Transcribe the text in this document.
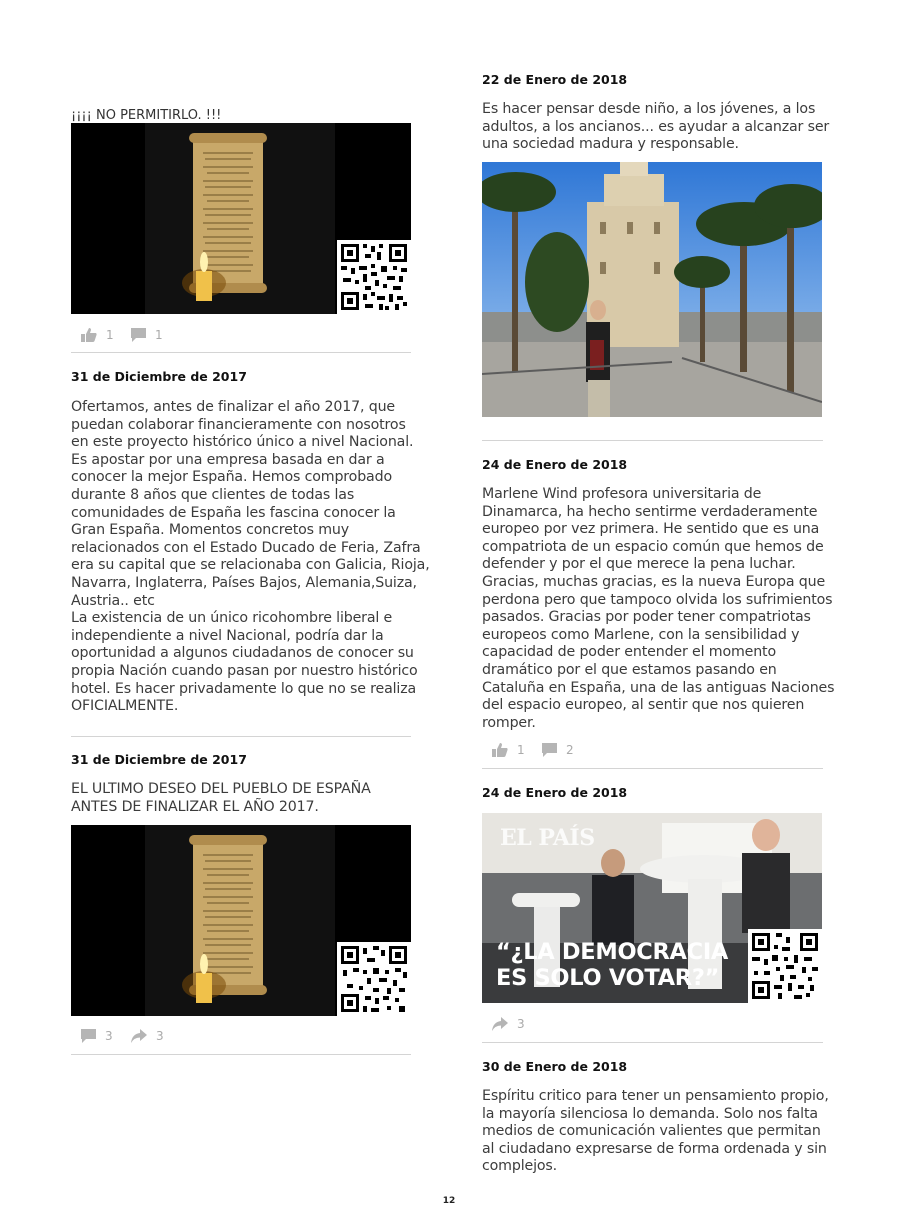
¡¡¡¡ NO PERMITIRLO. !!!
1	1
31 de Diciembre de 2017
Ofertamos, antes de finalizar el año 2017, que
puedan colaborar financieramente con nosotros
en este proyecto histórico único a nivel Nacional.
Es apostar por una empresa basada en dar a
conocer la mejor España. Hemos comprobado
durante 8 años que clientes de todas las
comunidades de España les fascina conocer la
Gran España. Momentos concretos muy
relacionados con el Estado Ducado de Feria, Zafra
era su capital que se relacionaba con Galicia, Rioja,
Navarra, Inglaterra, Países Bajos, Alemania,Suiza,
Austria.. etc
La existencia de un único ricohombre liberal e
independiente a nivel Nacional, podría dar la
oportunidad a algunos ciudadanos de conocer su
propia Nación cuando pasan por nuestro histórico
hotel. Es hacer privadamente lo que no se realiza
OFICIALMENTE.
31 de Diciembre de 2017
EL ULTIMO DESEO DEL PUEBLO DE ESPAÑA
ANTES DE FINALIZAR EL AÑO 2017.
3	3
22 de Enero de 2018
Es hacer pensar desde niño, a los jóvenes, a los
adultos, a los ancianos... es ayudar a alcanzar ser
una sociedad madura y responsable.
24 de Enero de 2018
Marlene Wind profesora universitaria de
Dinamarca, ha hecho sentirme verdaderamente
europeo por vez primera. He sentido que es una
compatriota de un espacio común que hemos de
defender y por el que merece la pena luchar.
Gracias, muchas gracias, es la nueva Europa que
perdona pero que tampoco olvida los sufrimientos
pasados. Gracias por poder tener compatriotas
europeos como Marlene, con la sensibilidad y
capacidad de poder entender el momento
dramático por el que estamos pasando en
Cataluña en España, una de las antiguas Naciones
del espacio europeo, al sentir que nos quieren
romper.
1	2
24 de Enero de 2018
EL PAÍS
“¿LA DEMOCRACIA
ES SOLO VOTAR?”
3
30 de Enero de 2018
Espíritu critico para tener un pensamiento propio,
la mayoría silenciosa lo demanda. Solo nos falta
medios de comunicación valientes que permitan
al ciudadano expresarse de forma ordenada y sin
complejos.
12
